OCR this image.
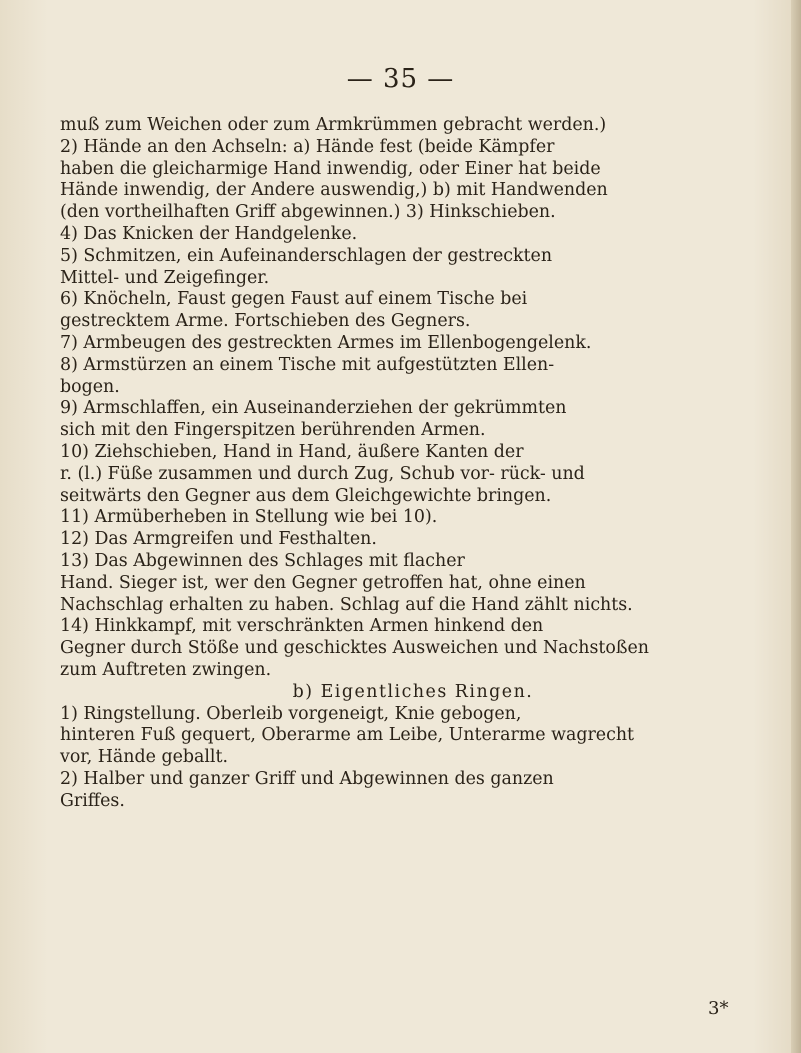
— 35 —

muß zum Weichen oder zum Armkrümmen gebracht werden.)

2) Hände an den Achseln: a) Hände fest (beide Kämpfer

haben die gleicharmige Hand inwendig, oder Einer hat beide

Hände inwendig, der Andere auswendig,) b) mit Handwenden

(den vortheilhaften Griff abgewinnen.) 3) Hinkschieben.

4) Das Knicken der Handgelenke.

5) Schmitzen, ein Aufeinanderschlagen der gestreckten

Mittel- und Zeigefinger.

6) Knöcheln, Faust gegen Faust auf einem Tische bei

gestrecktem Arme. Fortschieben des Gegners.

7) Armbeugen des gestreckten Armes im Ellenbogengelenk.

8) Armstürzen an einem Tische mit aufgestützten Ellen-

bogen.

9) Armschlaffen, ein Auseinanderziehen der gekrümmten

sich mit den Fingerspitzen berührenden Armen.

10) Ziehschieben, Hand in Hand, äußere Kanten der

r. (l.) Füße zusammen und durch Zug, Schub vor- rück- und

seitwärts den Gegner aus dem Gleichgewichte bringen.

11) Armüberheben in Stellung wie bei 10).

12) Das Armgreifen und Festhalten.

13) Das Abgewinnen des Schlages mit flacher

Hand. Sieger ist, wer den Gegner getroffen hat, ohne einen

Nachschlag erhalten zu haben. Schlag auf die Hand zählt nichts.

14) Hinkkampf, mit verschränkten Armen hinkend den

Gegner durch Stöße und geschicktes Ausweichen und Nachstoßen

zum Auftreten zwingen.

b) Eigentliches Ringen.

1) Ringstellung. Oberleib vorgeneigt, Knie gebogen,

hinteren Fuß gequert, Oberarme am Leibe, Unterarme wagrecht

vor, Hände geballt.

2) Halber und ganzer Griff und Abgewinnen des ganzen

Griffes.

3*
